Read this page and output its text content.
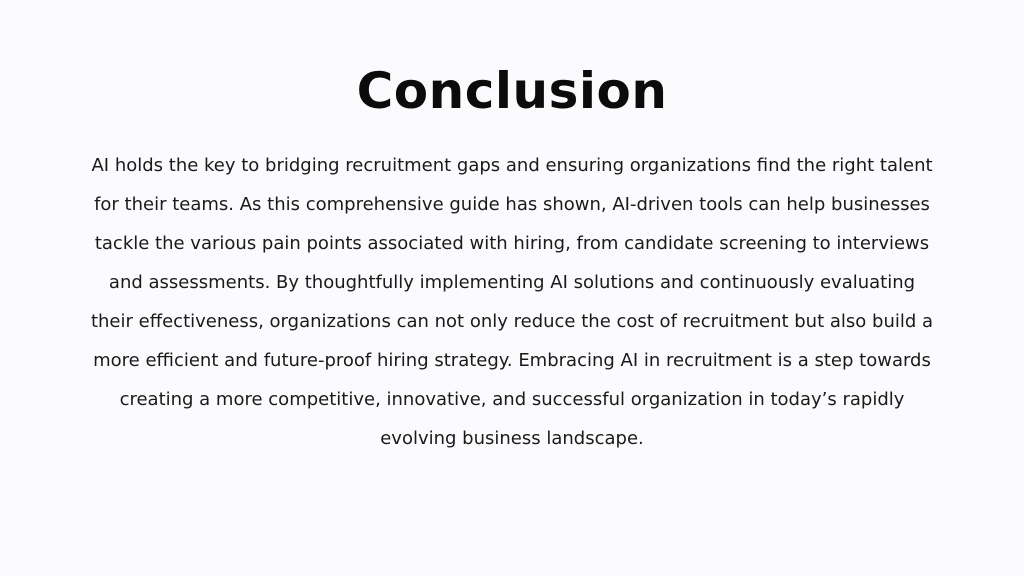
Conclusion

AI holds the key to bridging recruitment gaps and ensuring organizations find the right talent for their teams. As this comprehensive guide has shown, AI-driven tools can help businesses tackle the various pain points associated with hiring, from candidate screening to interviews and assessments. By thoughtfully implementing AI solutions and continuously evaluating their effectiveness, organizations can not only reduce the cost of recruitment but also build a more efficient and future-proof hiring strategy. Embracing AI in recruitment is a step towards creating a more competitive, innovative, and successful organization in today’s rapidly evolving business landscape.
